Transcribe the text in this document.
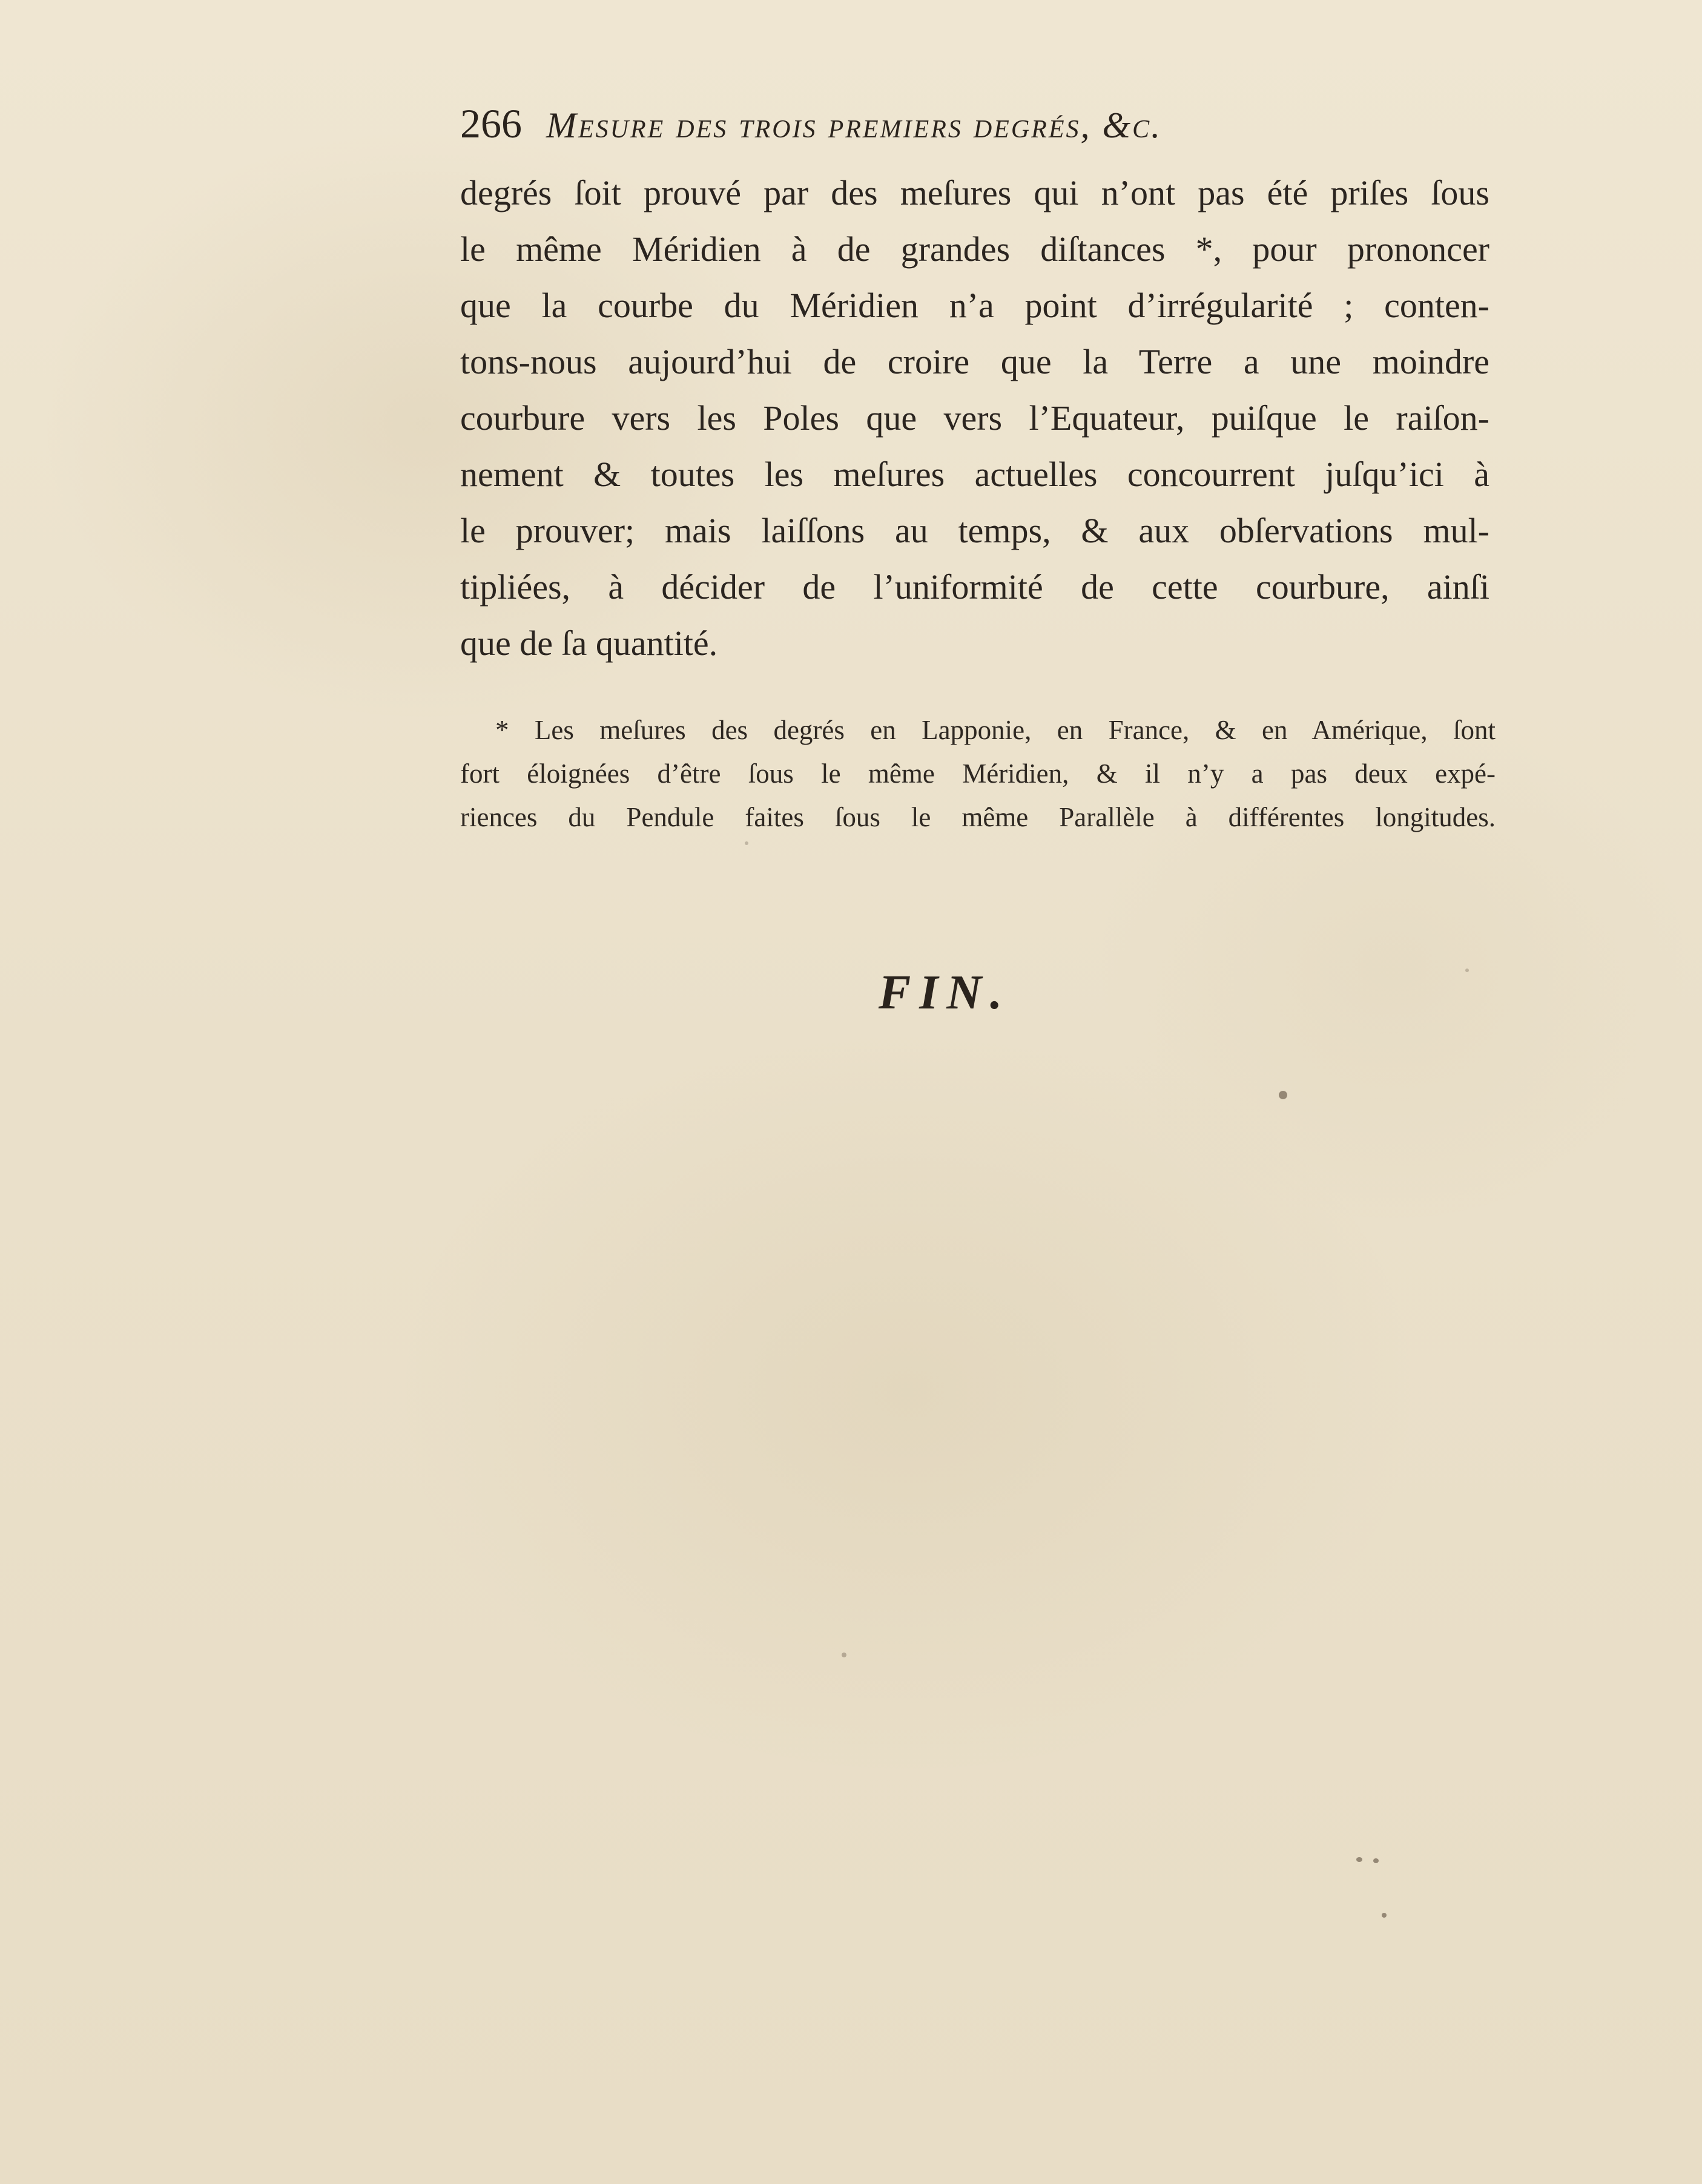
266 Mesure des trois premiers degrés, &c.
degrés ſoit prouvé par des meſures qui n’ont pas été priſes ſous
le même Méridien à de grandes diſtances *, pour prononcer
que la courbe du Méridien n’a point d’irrégularité ; conten-
tons-nous aujourd’hui de croire que la Terre a une moindre
courbure vers les Poles que vers l’Equateur, puiſque le raiſon-
nement & toutes les meſures actuelles concourrent juſqu’ici à
le prouver; mais laiſſons au temps, & aux obſervations mul-
tipliées, à décider de l’uniformité de cette courbure, ainſi
que de ſa quantité.
* Les meſures des degrés en Lapponie, en France, & en Amérique, ſont
fort éloignées d’être ſous le même Méridien, & il n’y a pas deux expé-
riences du Pendule faites ſous le même Parallèle à différentes longitudes.
FIN.
